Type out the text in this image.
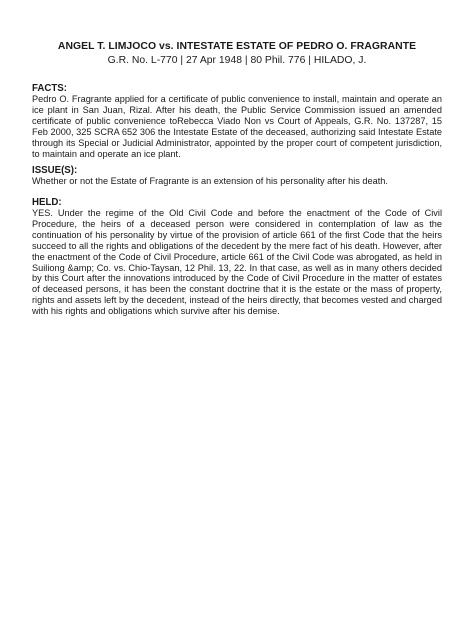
ANGEL T. LIMJOCO vs. INTESTATE ESTATE OF PEDRO O. FRAGRANTE
G.R. No. L-770 | 27 Apr 1948 | 80 Phil. 776 | HILADO, J.
FACTS:
Pedro O. Fragrante applied for a certificate of public convenience to install, maintain and operate an ice plant in San Juan, Rizal. After his death, the Public Service Commission issued an amended certificate of public convenience toRebecca Viado Non vs Court of Appeals, G.R. No. 137287, 15 Feb 2000, 325 SCRA 652 306 the Intestate Estate of the deceased, authorizing said Intestate Estate through its Special or Judicial Administrator, appointed by the proper court of competent jurisdiction, to maintain and operate an ice plant.
ISSUE(S):
Whether or not the Estate of Fragrante is an extension of his personality after his death.
HELD:
YES. Under the regime of the Old Civil Code and before the enactment of the Code of Civil Procedure, the heirs of a deceased person were considered in contemplation of law as the continuation of his personality by virtue of the provision of article 661 of the first Code that the heirs succeed to all the rights and obligations of the decedent by the mere fact of his death. However, after the enactment of the Code of Civil Procedure, article 661 of the Civil Code was abrogated, as held in Suiliong &amp; Co. vs. Chio-Taysan, 12 Phil. 13, 22. In that case, as well as in many others decided by this Court after the innovations introduced by the Code of Civil Procedure in the matter of estates of deceased persons, it has been the constant doctrine that it is the estate or the mass of property, rights and assets left by the decedent, instead of the heirs directly, that becomes vested and charged with his rights and obligations which survive after his demise.
